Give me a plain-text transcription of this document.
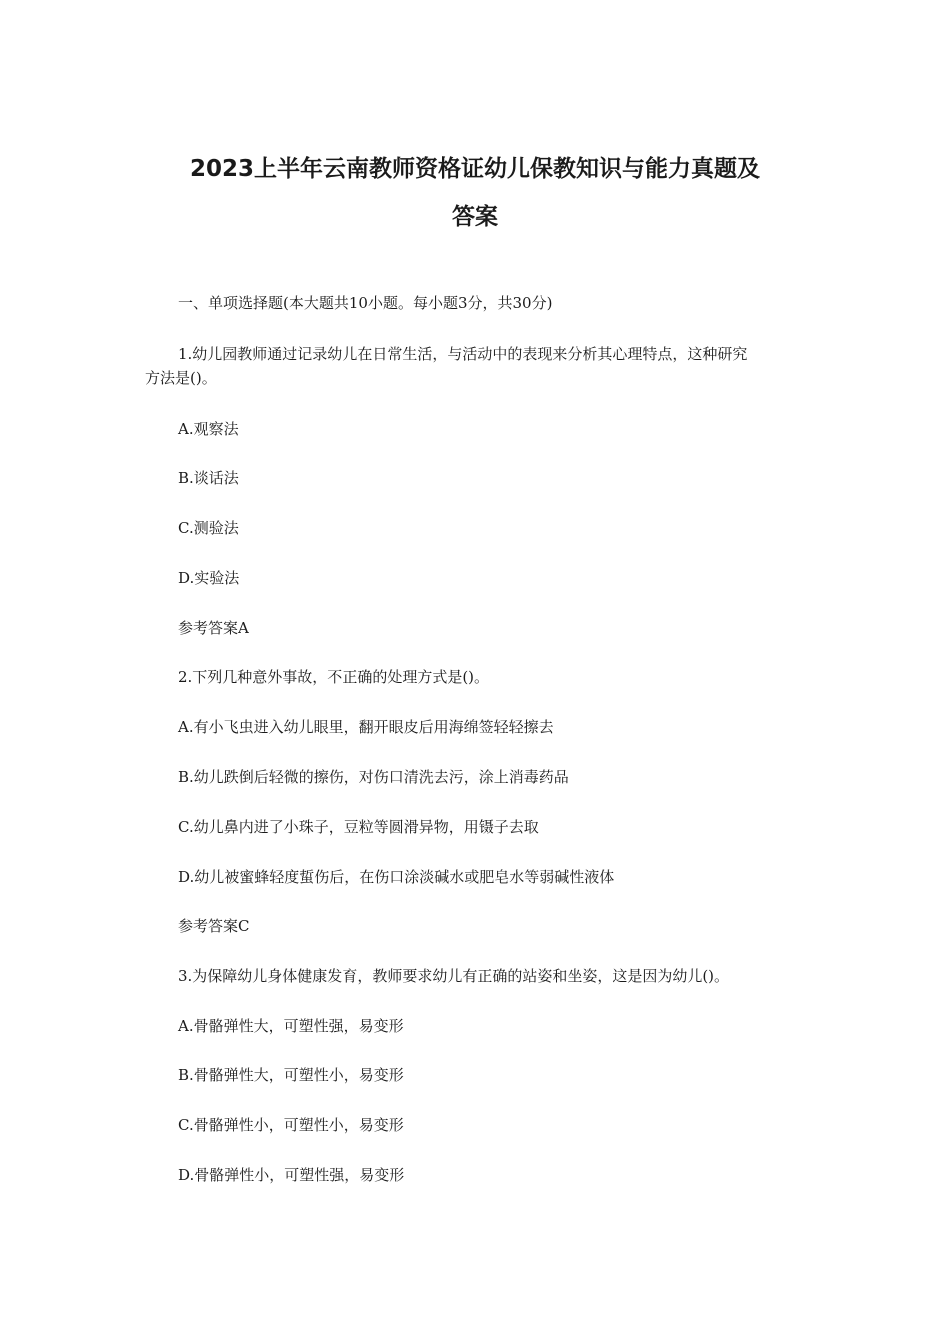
2023上半年云南教师资格证幼儿保教知识与能力真题及
答案

一、单项选择题(本大题共10小题。每小题3分，共30分)

1.幼儿园教师通过记录幼儿在日常生活，与活动中的表现来分析其心理特点，这种研究

方法是()。

A.观察法

B.谈话法

C.测验法

D.实验法

参考答案A

2.下列几种意外事故，不正确的处理方式是()。

A.有小飞虫进入幼儿眼里，翻开眼皮后用海绵签轻轻擦去

B.幼儿跌倒后轻微的擦伤，对伤口清洗去污，涂上消毒药品

C.幼儿鼻内进了小珠子，豆粒等圆滑异物，用镊子去取

D.幼儿被蜜蜂轻度蜇伤后，在伤口涂淡碱水或肥皂水等弱碱性液体

参考答案C

3.为保障幼儿身体健康发育，教师要求幼儿有正确的站姿和坐姿，这是因为幼儿()。

A.骨骼弹性大，可塑性强，易变形

B.骨骼弹性大，可塑性小，易变形

C.骨骼弹性小，可塑性小，易变形

D.骨骼弹性小，可塑性强，易变形
